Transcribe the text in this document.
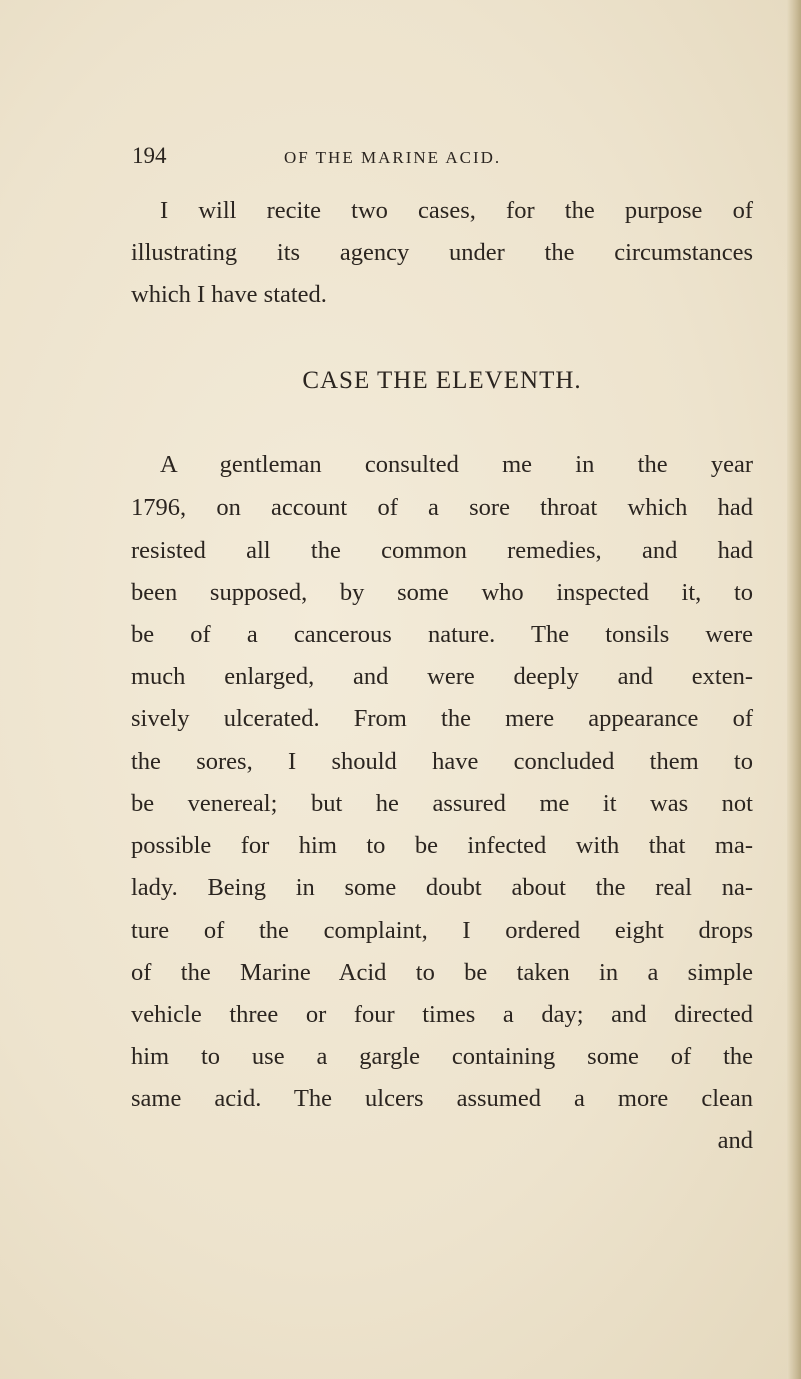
194	OF THE MARINE ACID.
I will recite two cases, for the purpose of
illustrating its agency under the circumstances
which I have stated.
A gentleman consulted me in the year
1796, on account of a sore throat which had
resisted all the common remedies, and had
been supposed, by some who inspected it, to
be of a cancerous nature. The tonsils were
much enlarged, and were deeply and exten-
sively ulcerated. From the mere appearance of
the sores, I should have concluded them to
be venereal; but he assured me it was not
possible for him to be infected with that ma-
lady. Being in some doubt about the real na-
ture of the complaint, I ordered eight drops
of the Marine Acid to be taken in a simple
vehicle three or four times a day; and directed
him to use a gargle containing some of the
same acid. The ulcers assumed a more clean
and
CASE THE ELEVENTH.
